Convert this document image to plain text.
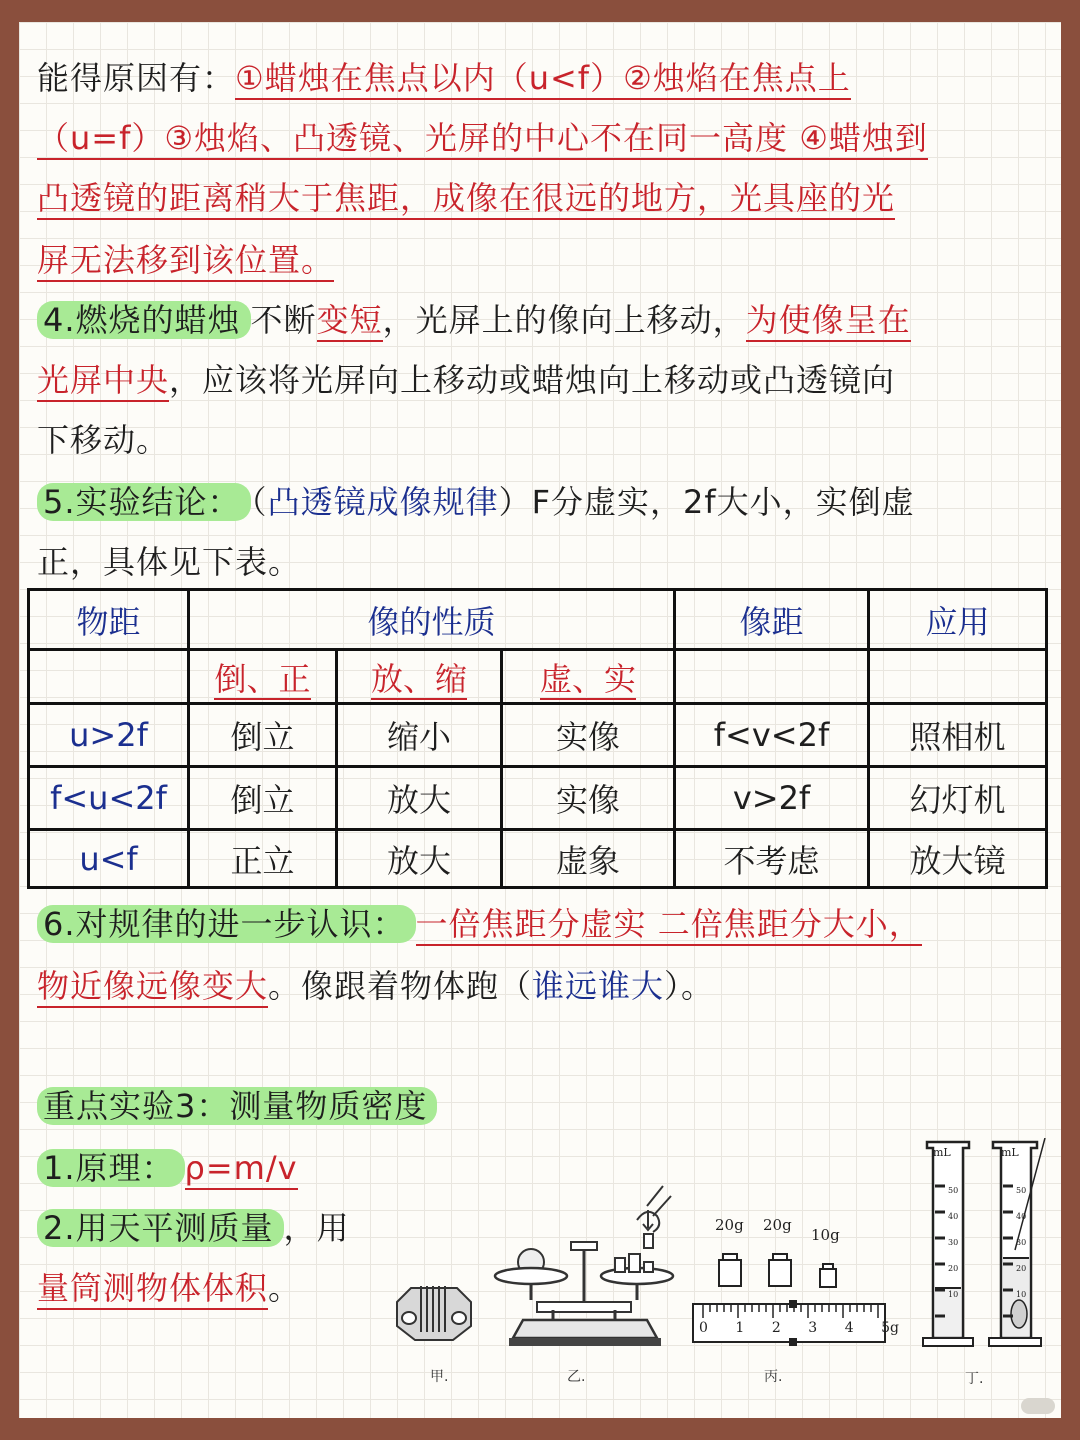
能得原因有：①蜡烛在焦点以内（u<f）②烛焰在焦点上
（u=f）③烛焰、凸透镜、光屏的中心不在同一高度 ④蜡烛到
凸透镜的距离稍大于焦距，成像在很远的地方，光具座的光
屏无法移到该位置。
4.燃烧的蜡烛 不断变短，光屏上的像向上移动，为使像呈在
光屏中央，应该将光屏向上移动或蜡烛向上移动或凸透镜向
下移动。
5.实验结论： （凸透镜成像规律）F分虚实，2f大小，实倒虚
正，具体见下表。
物距	像的性质			像距	应用
	倒、正	放、缩	虚、实		
u>2f	倒立	缩小	实像	f<v<2f	照相机
f<u<2f	倒立	放大	实像	v>2f	幻灯机
u<f	正立	放大	虚象	不考虑	放大镜
6.对规律的进一步认识： 一倍焦距分虚实 二倍焦距分大小，
物近像远像变大。像跟着物体跑（谁远谁大）。
重点实验3：测量物质密度
1.原理： ρ=m/v
2.用天平测质量 ，用
量筒测物体体积。
甲.	乙.
20g 20g
10g
0 1 2 3 4 5g
丙.
mL	mL
50
40
30
20
10
50
40
30
20
10
丁.
